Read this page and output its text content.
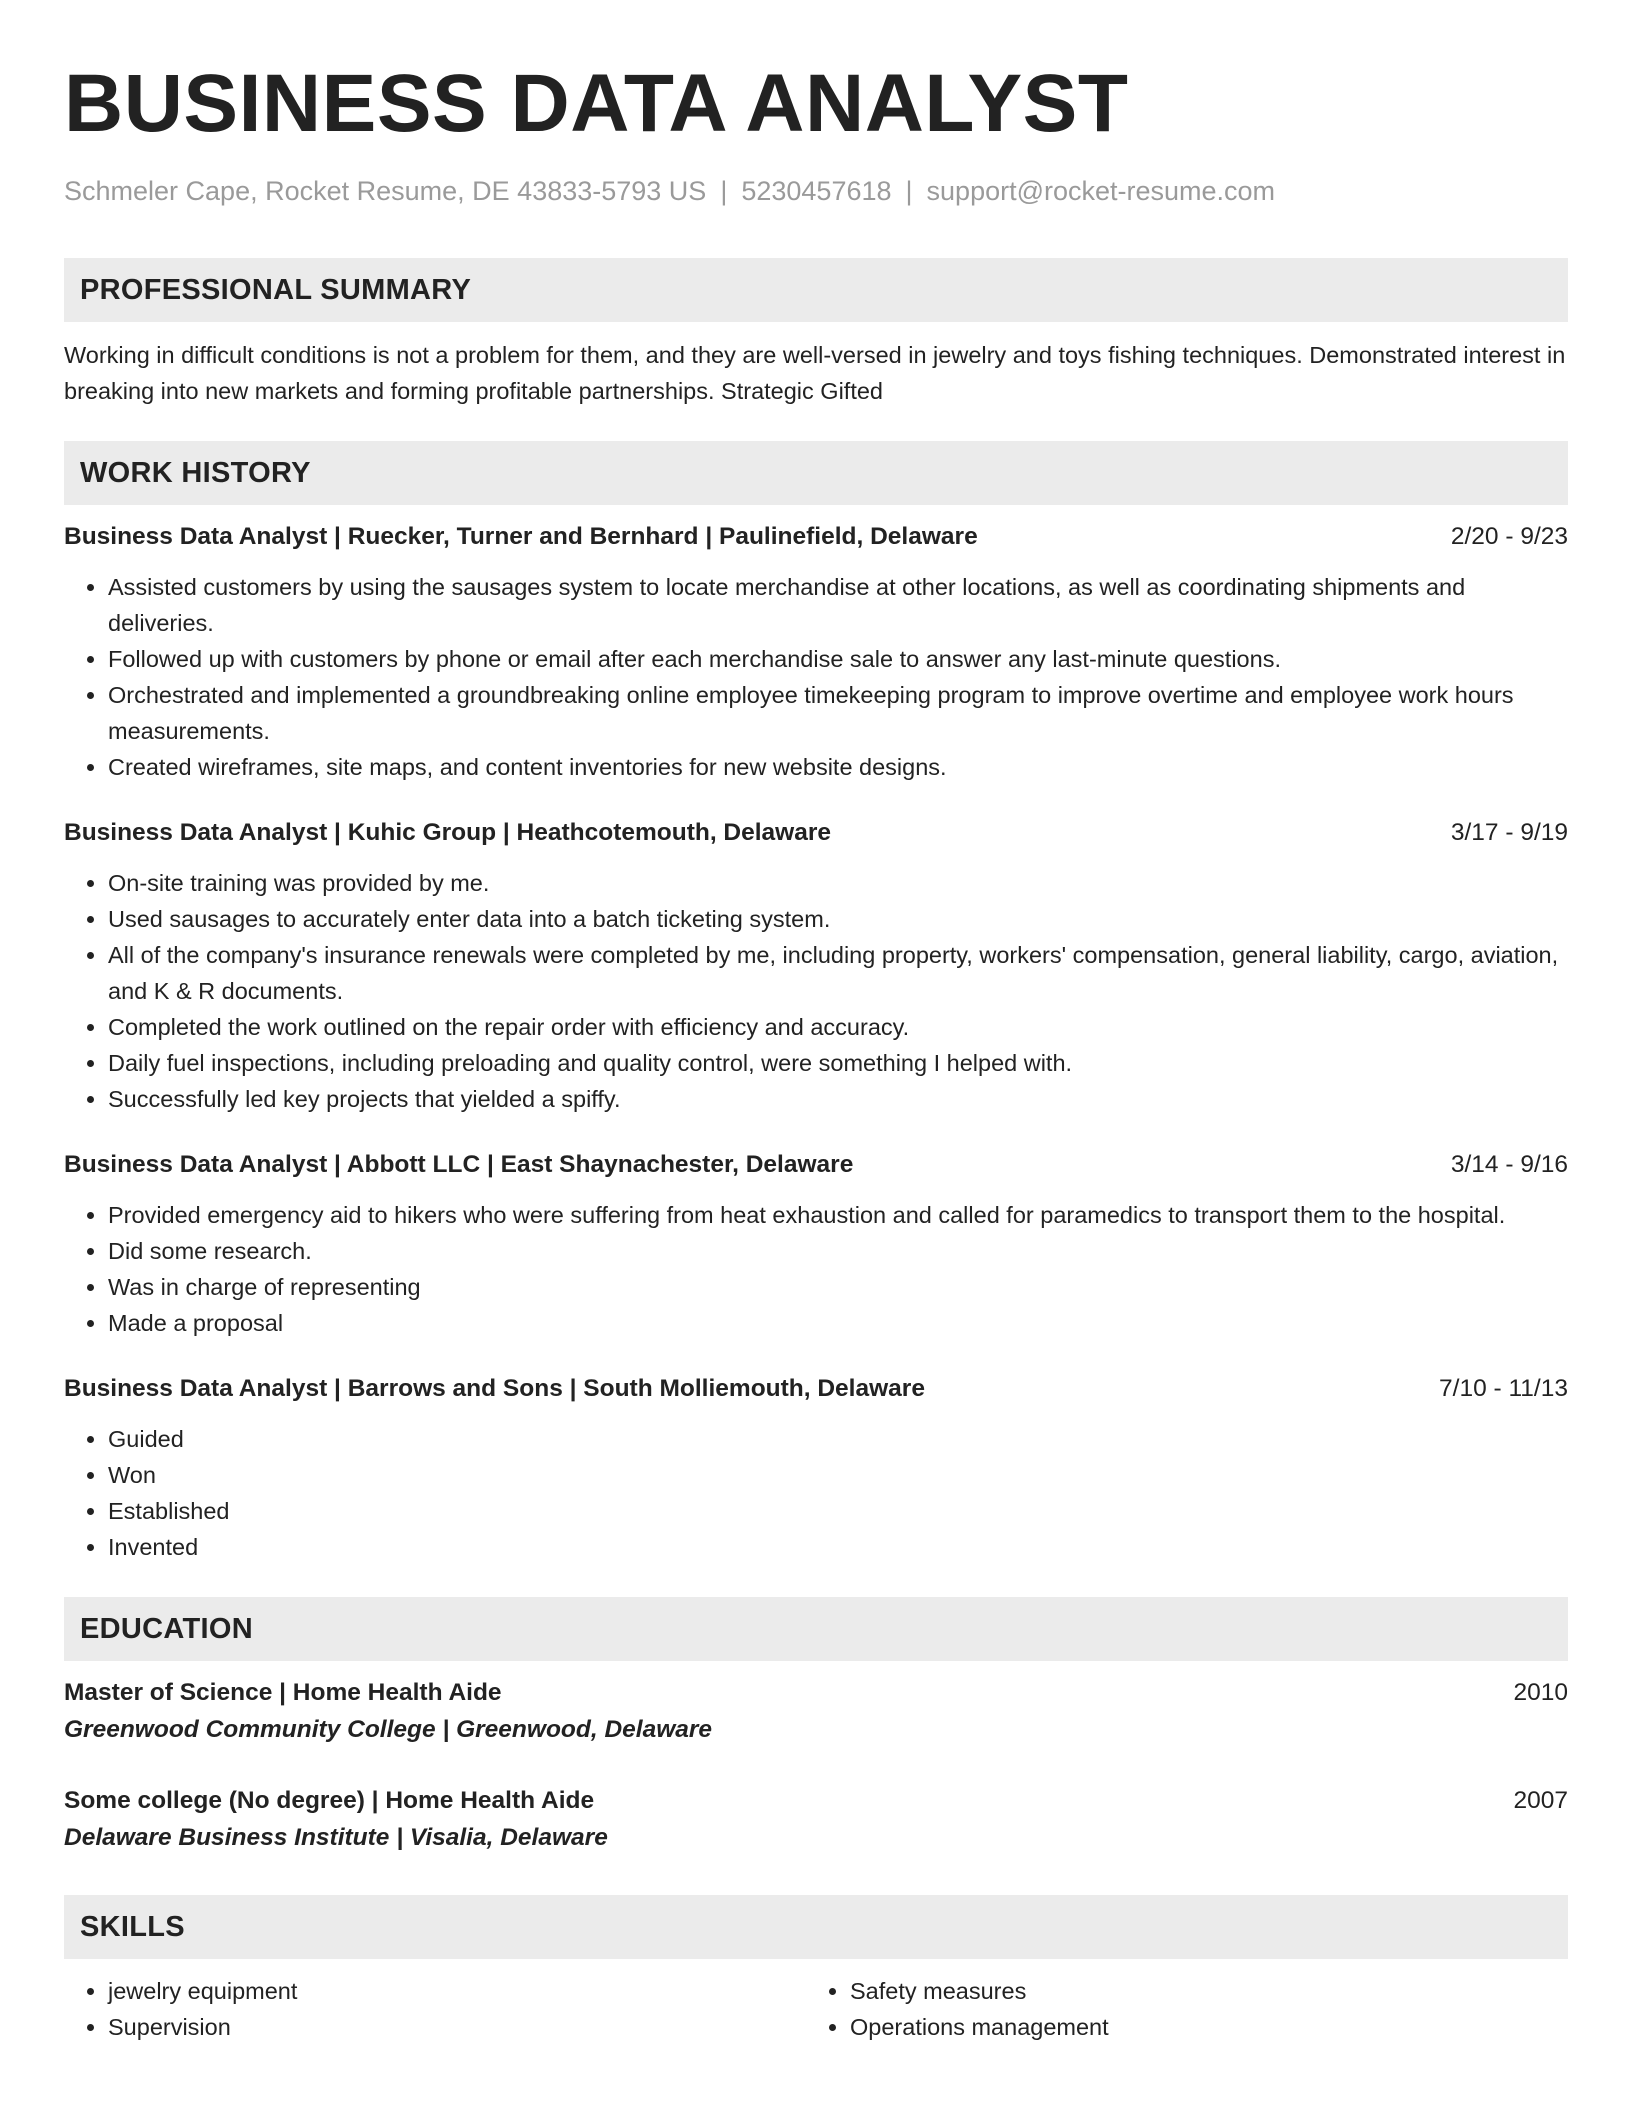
BUSINESS DATA ANALYST
Schmeler Cape, Rocket Resume, DE 43833-5793 US | 5230457618 | support@rocket-resume.com
PROFESSIONAL SUMMARY
Working in difficult conditions is not a problem for them, and they are well-versed in jewelry and toys fishing techniques. Demonstrated interest in breaking into new markets and forming profitable partnerships. Strategic Gifted
WORK HISTORY
Business Data Analyst | Ruecker, Turner and Bernhard | Paulinefield, Delaware	2/20 - 9/23
• Assisted customers by using the sausages system to locate merchandise at other locations, as well as coordinating shipments and deliveries.
• Followed up with customers by phone or email after each merchandise sale to answer any last-minute questions.
• Orchestrated and implemented a groundbreaking online employee timekeeping program to improve overtime and employee work hours measurements.
• Created wireframes, site maps, and content inventories for new website designs.
Business Data Analyst | Kuhic Group | Heathcotemouth, Delaware	3/17 - 9/19
• On-site training was provided by me.
• Used sausages to accurately enter data into a batch ticketing system.
• All of the company's insurance renewals were completed by me, including property, workers' compensation, general liability, cargo, aviation, and K & R documents.
• Completed the work outlined on the repair order with efficiency and accuracy.
• Daily fuel inspections, including preloading and quality control, were something I helped with.
• Successfully led key projects that yielded a spiffy.
Business Data Analyst | Abbott LLC | East Shaynachester, Delaware	3/14 - 9/16
• Provided emergency aid to hikers who were suffering from heat exhaustion and called for paramedics to transport them to the hospital.
• Did some research.
• Was in charge of representing
• Made a proposal
Business Data Analyst | Barrows and Sons | South Molliemouth, Delaware	7/10 - 11/13
• Guided
• Won
• Established
• Invented
EDUCATION
Master of Science | Home Health Aide	2010
Greenwood Community College | Greenwood, Delaware
Some college (No degree) | Home Health Aide	2007
Delaware Business Institute | Visalia, Delaware
SKILLS
• jewelry equipment
• Supervision
• Safety measures
• Operations management
